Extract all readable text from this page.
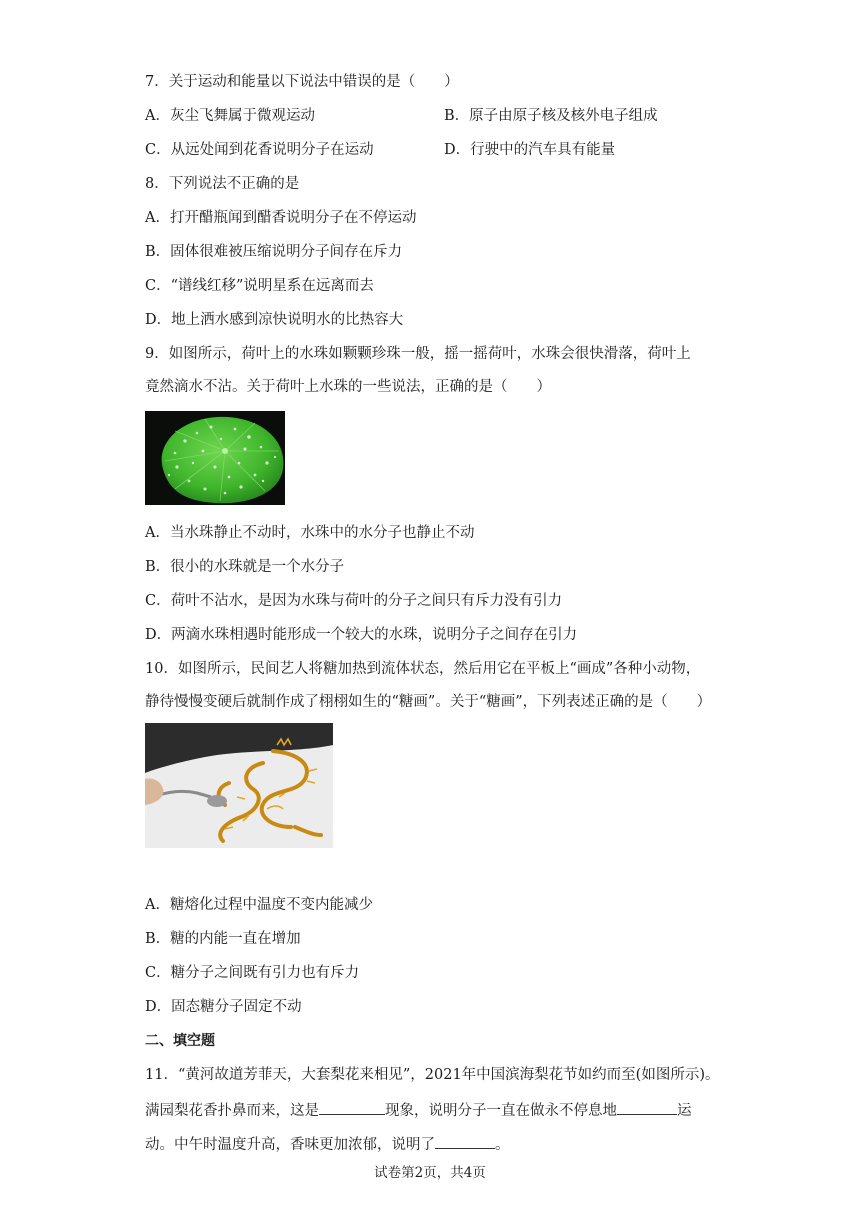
7．关于运动和能量以下说法中错误的是（　　）
A．灰尘飞舞属于微观运动	B．原子由原子核及核外电子组成
C．从远处闻到花香说明分子在运动	D．行驶中的汽车具有能量
8．下列说法不正确的是
A．打开醋瓶闻到醋香说明分子在不停运动
B．固体很难被压缩说明分子间存在斥力
C．“谱线红移”说明星系在远离而去
D．地上洒水感到凉快说明水的比热容大
9．如图所示，荷叶上的水珠如颗颗珍珠一般，摇一摇荷叶，水珠会很快滑落，荷叶上
竟然滴水不沾。关于荷叶上水珠的一些说法，正确的是（　　）
A．当水珠静止不动时，水珠中的水分子也静止不动
B．很小的水珠就是一个水分子
C．荷叶不沾水，是因为水珠与荷叶的分子之间只有斥力没有引力
D．两滴水珠相遇时能形成一个较大的水珠，说明分子之间存在引力
10．如图所示，民间艺人将糖加热到流体状态，然后用它在平板上“画成”各种小动物，
静待慢慢变硬后就制作成了栩栩如生的“糖画”。关于“糖画”，下列表述正确的是（　　）
A．糖熔化过程中温度不变内能减少
B．糖的内能一直在增加
C．糖分子之间既有引力也有斥力
D．固态糖分子固定不动
二、填空题
11．“黄河故道芳菲天，大套梨花来相见”，2021年中国滨海梨花节如约而至(如图所示)。
满园梨花香扑鼻而来，这是	现象，说明分子一直在做永不停息地	运
动。中午时温度升高，香味更加浓郁，说明了	。
试卷第2页，共4页
